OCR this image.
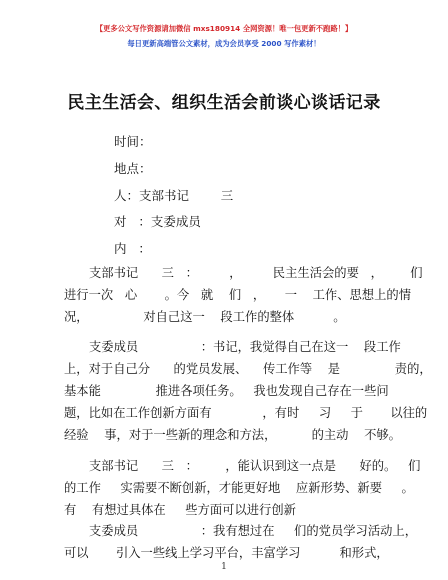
【更多公文写作资源请加微信 mxs180914 全网资源！唯一包更新不跑路！】
每日更新高端管公文素材，成为会员享受 2000 写作素材！
民主生活会、组织生活会前谈心谈话记录
时间：
地点：
人：支部书记        三
对   ：支委成员
内   ：
支部书记      三   ：        ，        民主生活会的要   ，       们
进行一次   心       。今   就    们   ，     一    工作、思想上的情
况，              对自己这一    段工作的整体          。
支委成员                ：书记，我觉得自己在这一    段工作
上，对于自己分      的党员发展、    传工作等    是              责的，
基本能              推进各项任务。   我也发现自己存在一些问
题，比如在工作创新方面有             ，有时     习     于       以往的
经验    事，对于一些新的理念和方法，         的主动    不够。
支部书记      三   ：       ，能认识到这一点是      好的。   们
的工作     实需要不断创新，才能更好地    应新形势、新要     。
有    有想过具体在     些方面可以进行创新
支委成员                ：我有想过在     们的党员学习活动上，
可以       引入一些线上学习平台，丰富学习          和形式，
1
